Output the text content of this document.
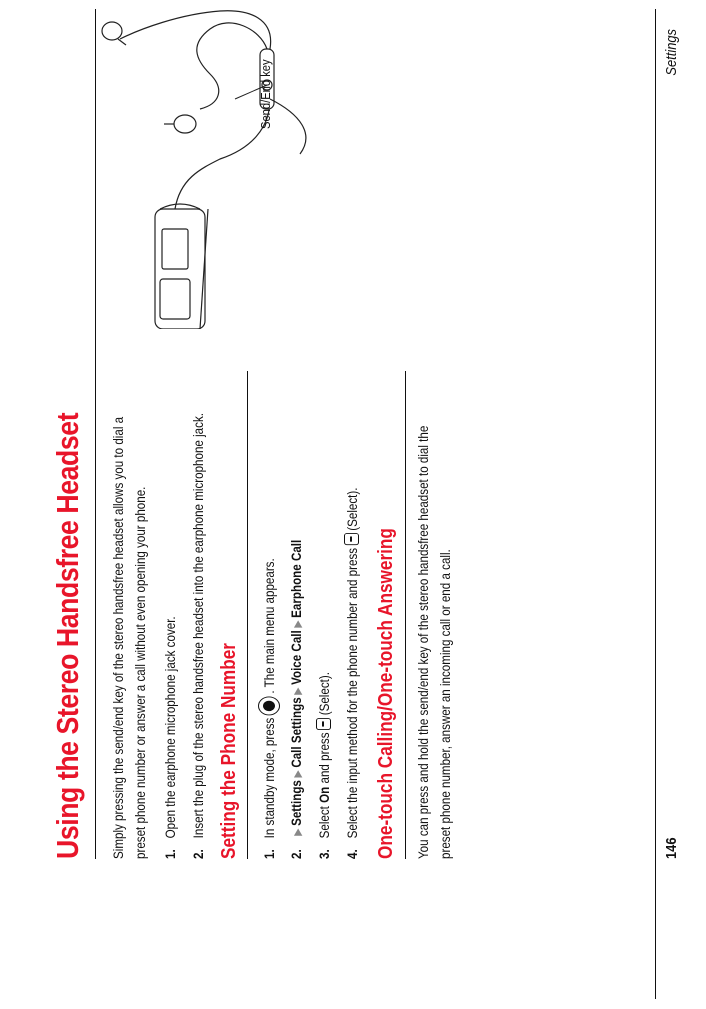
Using the Stereo Handsfree Headset Simply pressing the send/end key of the stereo handsfree headset allows you to dial a preset phone number or answer a call without even opening your phone. 1.Open the earphone microphone jack cover.
2.Insert the plug of the stereo handsfree headset into the earphone microphone jack. Setting the Phone Number 1.In standby mode, press. The main menu appears.
2.▶Settings▶Call Settings▶Voice Call▶Earphone Call
3.Select On and press(Select).
4.Select the input method for the phone number and press(Select).
One-touch Calling/One-touch Answering You can press and hold the send/end key of the stereo handsfree headset to dial the preset phone number, answer an incoming call or end a call.
Send/End key
146
Settings
